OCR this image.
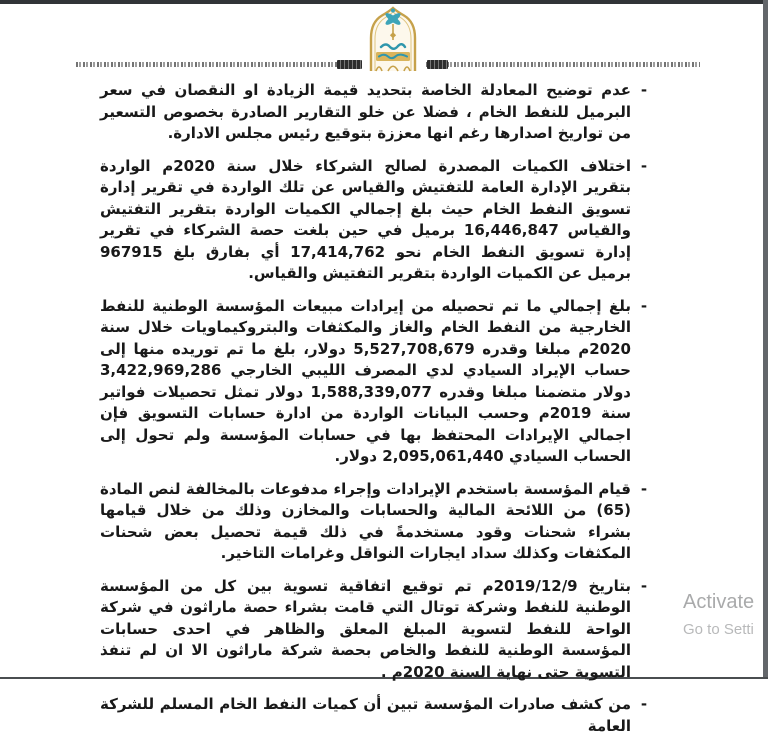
-

عدم توضيح المعادلة الخاصة بتحديد قيمة الزيادة او النقصان في سعر البرميل للنفط الخام ، فضلا عن خلو التقارير الصادرة بخصوص التسعير من تواريخ اصدارها رغم انها معززة بتوقيع رئيس مجلس الادارة.

-

اختلاف الكميات المصدرة لصالح الشركاء خلال سنة 2020م الواردة بتقرير الإدارة العامة للتفتيش والقياس عن تلك الواردة في تقرير إدارة تسويق النفط الخام حيث بلغ إجمالي الكميات الواردة بتقرير التفتيش والقياس 16,446,847 برميل في حين بلغت حصة الشركاء في تقرير إدارة تسويق النفط الخام نحو 17,414,762 أي بفارق بلغ 967915 برميل عن الكميات الواردة بتقرير التفتيش والقياس.

-

بلغ إجمالي ما تم تحصيله من إيرادات مبيعات المؤسسة الوطنية للنفط الخارجية من النفط الخام والغاز والمكثفات والبتروكيماويات خلال سنة 2020م مبلغا وقدره 5,527,708,679 دولار، بلغ ما تم توريده منها إلى حساب الإيراد السيادي لدي المصرف الليبي الخارجي 3,422,969,286 دولار متضمنا مبلغا وقدره 1,588,339,077 دولار تمثل تحصيلات فواتير سنة 2019م وحسب البيانات الواردة من ادارة حسابات التسويق فإن اجمالي الإيرادات المحتفظ بها في حسابات المؤسسة ولم تحول إلى الحساب السيادي 2,095,061,440 دولار.

-

قيام المؤسسة باستخدم الإيرادات وإجراء مدفوعات بالمخالفة لنص المادة (65) من اللائحة المالية والحسابات والمخازن وذلك من خلال قيامها بشراء شحنات وقود مستخدمةً في ذلك قيمة تحصيل بعض شحنات المكثفات وكذلك سداد ايجارات النواقل وغرامات التاخير.

-

بتاريخ 2019/12/9م تم توقيع اتفاقية تسوية بين كل من المؤسسة الوطنية للنفط وشركة توتال التي قامت بشراء حصة ماراثون في شركة الواحة للنفط لتسوية المبلغ المعلق والظاهر في احدى حسابات المؤسسة الوطنية للنفط والخاص بحصة شركة ماراثون الا ان لم تنفذ التسوية حتى نهاية السنة 2020م .

-

من كشف صادرات المؤسسة تبين أن كميات النفط الخام المسلم للشركة العامة

Activate
Go to Setti
